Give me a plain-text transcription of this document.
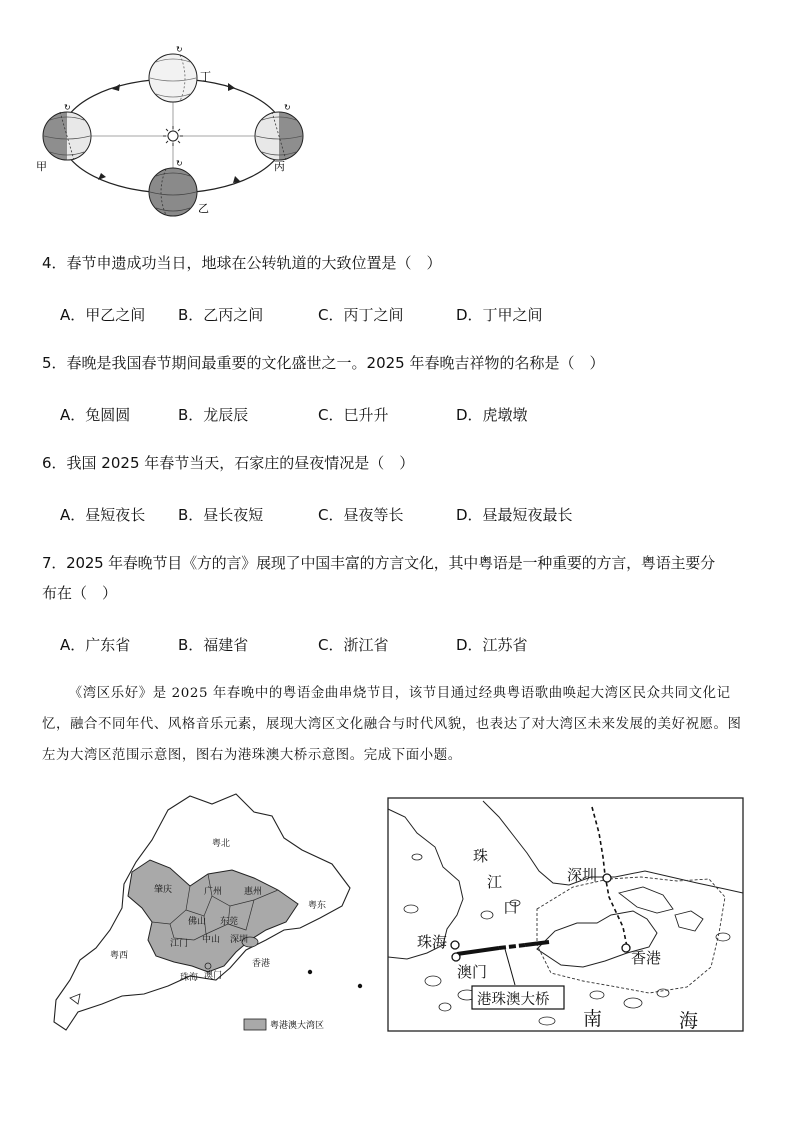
↻	↻
↻
↻
甲	丙
丁
乙
4．春节申遗成功当日，地球在公转轨道的大致位置是（　）
A．甲乙之间 B．乙丙之间	C．丙丁之间	D．丁甲之间
5．春晚是我国春节期间最重要的文化盛世之一。2025 年春晚吉祥物的名称是（　）
A．兔圆圆	B．龙辰辰	C．巳升升	D．虎墩墩
6．我国 2025 年春节当天，石家庄的昼夜情况是（　）
A．昼短夜长 B．昼长夜短	C．昼夜等长	D．昼最短夜最长
7．2025 年春晚节目《方的言》展现了中国丰富的方言文化，其中粤语是一种重要的方言，粤语主要分
布在（　）
A．广东省	B．福建省	C．浙江省	D．江苏省

《湾区乐好》是 2025 年春晚中的粤语金曲串烧节目，该节目通过经典粤语歌曲唤起大湾区民众共同文化记忆，融合不同年代、风格音乐元素，展现大湾区文化融合与时代风貌，也表达了对大湾区未来发展的美好祝愿。图左为大湾区范围示意图，图右为港珠澳大桥示意图。完成下面小题。

粤北
粤东
粤西
肇庆	广州 惠州
佛山 东莞
江门 中山 深圳
香港
澳门
珠海
粤港澳大湾区
珠
江
口
深圳
珠海
澳门
香港
港珠澳大桥
南	海
